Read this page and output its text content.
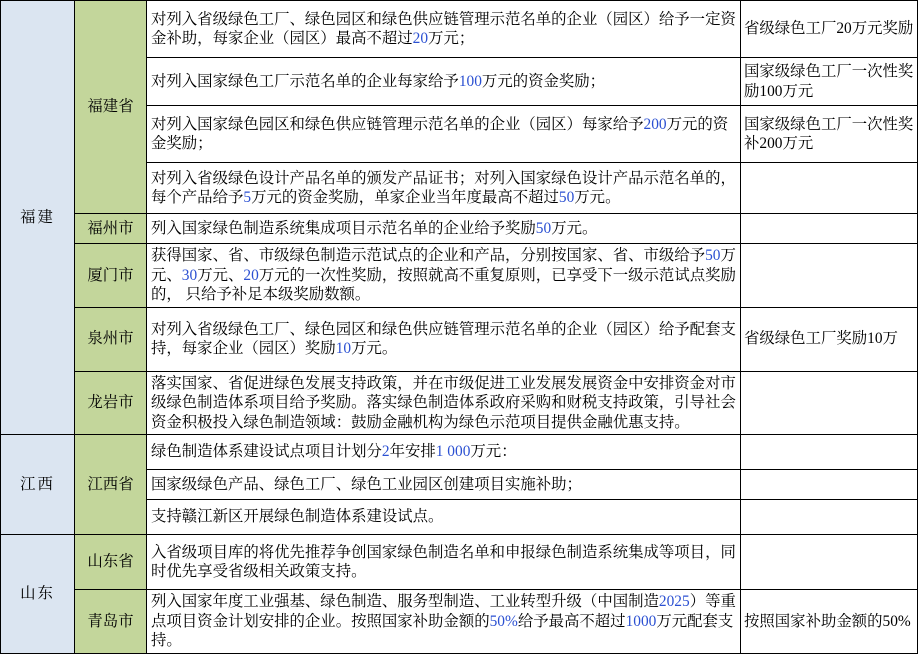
福建	福建省	对列入省级绿色工厂、绿色园区和绿色供应链管理示范名单的企业（园区）给予一定资金补助，每家企业（园区）最高不超过20万元；	省级绿色工厂20万元奖励
		对列入国家绿色工厂示范名单的企业每家给予100万元的资金奖励；	国家级绿色工厂一次性奖励100万元
		对列入国家绿色园区和绿色供应链管理示范名单的企业（园区）每家给予200万元的资金奖励；	国家级绿色工厂一次性奖补200万元
		对列入省级绿色设计产品名单的颁发产品证书；对列入国家绿色设计产品示范名单的，每个产品给予5万元的资金奖励，单家企业当年度最高不超过50万元。	
	福州市	列入国家绿色制造系统集成项目示范名单的企业给予奖励50万元。	
	厦门市	获得国家、省、市级绿色制造示范试点的企业和产品，分别按国家、省、市级给予50万元、30万元、20万元的一次性奖励，按照就高不重复原则，已享受下一级示范试点奖励的， 只给予补足本级奖励数额。	
	泉州市	对列入省级绿色工厂、绿色园区和绿色供应链管理示范名单的企业（园区）给予配套支持，每家企业（园区）奖励10万元。	省级绿色工厂奖励10万
	龙岩市	落实国家、省促进绿色发展支持政策，并在市级促进工业发展发展资金中安排资金对市级绿色制造体系项目给予奖励。落实绿色制造体系政府采购和财税支持政策，引导社会资金积极投入绿色制造领域：鼓励金融机构为绿色示范项目提供金融优惠支持。	
江西	江西省	绿色制造体系建设试点项目计划分2年安排1 000万元：	
		国家级绿色产品、绿色工厂、绿色工业园区创建项目实施补助；	
		支持赣江新区开展绿色制造体系建设试点。	
山东	山东省	入省级项目库的将优先推荐争创国家绿色制造名单和申报绿色制造系统集成等项目，同时优先享受省级相关政策支持。	
	青岛市	列入国家年度工业强基、绿色制造、服务型制造、工业转型升级（中国制造2025）等重 点项目资金计划安排的企业。按照国家补助金额的50%给予最高不超过1000万元配套支持。	按照国家补助金额的50%
